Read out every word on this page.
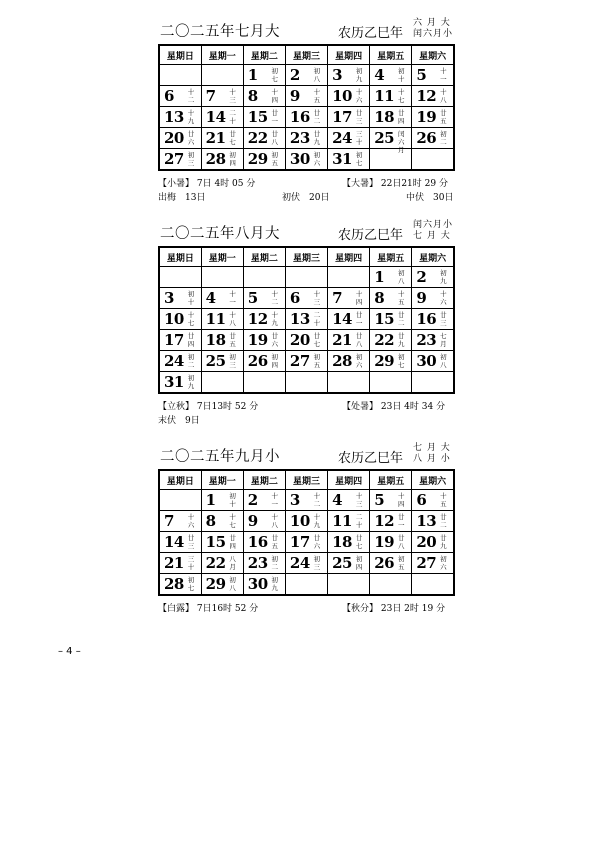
二〇二五年七月大	农历乙巳年
六 月 大
闰六月小
星期日	星期一	星期二	星期三	星期四	星期五	星期六

		1 初七	2 初八	3 初九	4 初十	5 十一

6 十二	7 十三	8 十四	9 十五	10 十六	11 十七	12 十八

13 十九	14 二十	15 廿一	16 廿二	17 廿三	18 廿四	19 廿五

20 廿六	21 廿七	22 廿八	23 廿九	24 三十	25 闰六月	26 初二

27 初三	28 初四	29 初五	30 初六	31 初七		

【小暑】 7日 4时 05 分	【大暑】 22日21时 29 分
出梅　13日	初伏　20日	中伏　30日
二〇二五年八月大	农历乙巳年
闰六月小
七 月 大
星期日	星期一	星期二	星期三	星期四	星期五	星期六

					1 初八	2 初九

3 初十	4 十一	5 十二	6 十三	7 十四	8 十五	9 十六

10 十七	11 十八	12 十九	13 二十	14 廿一	15 廿二	16 廿三

17 廿四	18 廿五	19 廿六	20 廿七	21 廿八	22 廿九	23 七月

24 初二	25 初三	26 初四	27 初五	28 初六	29 初七	30 初八

31 初九						

【立秋】 7日13时 52 分	【处暑】 23日 4时 34 分
末伏　9日
二〇二五年九月小	农历乙巳年
七 月 大
八 月 小
星期日	星期一	星期二	星期三	星期四	星期五	星期六

	1 初十	2 十一	3 十二	4 十三	5 十四	6 十五

7 十六	8 十七	9 十八	10 十九	11 二十	12 廿一	13 廿二

14 廿三	15 廿四	16 廿五	17 廿六	18 廿七	19 廿八	20 廿九

21 三十	22 八月	23 初二	24 初三	25 初四	26 初五	27 初六

28 初七	29 初八	30 初九				

【白露】 7日16时 52 分	【秋分】 23日 2时 19 分
– 4 –
